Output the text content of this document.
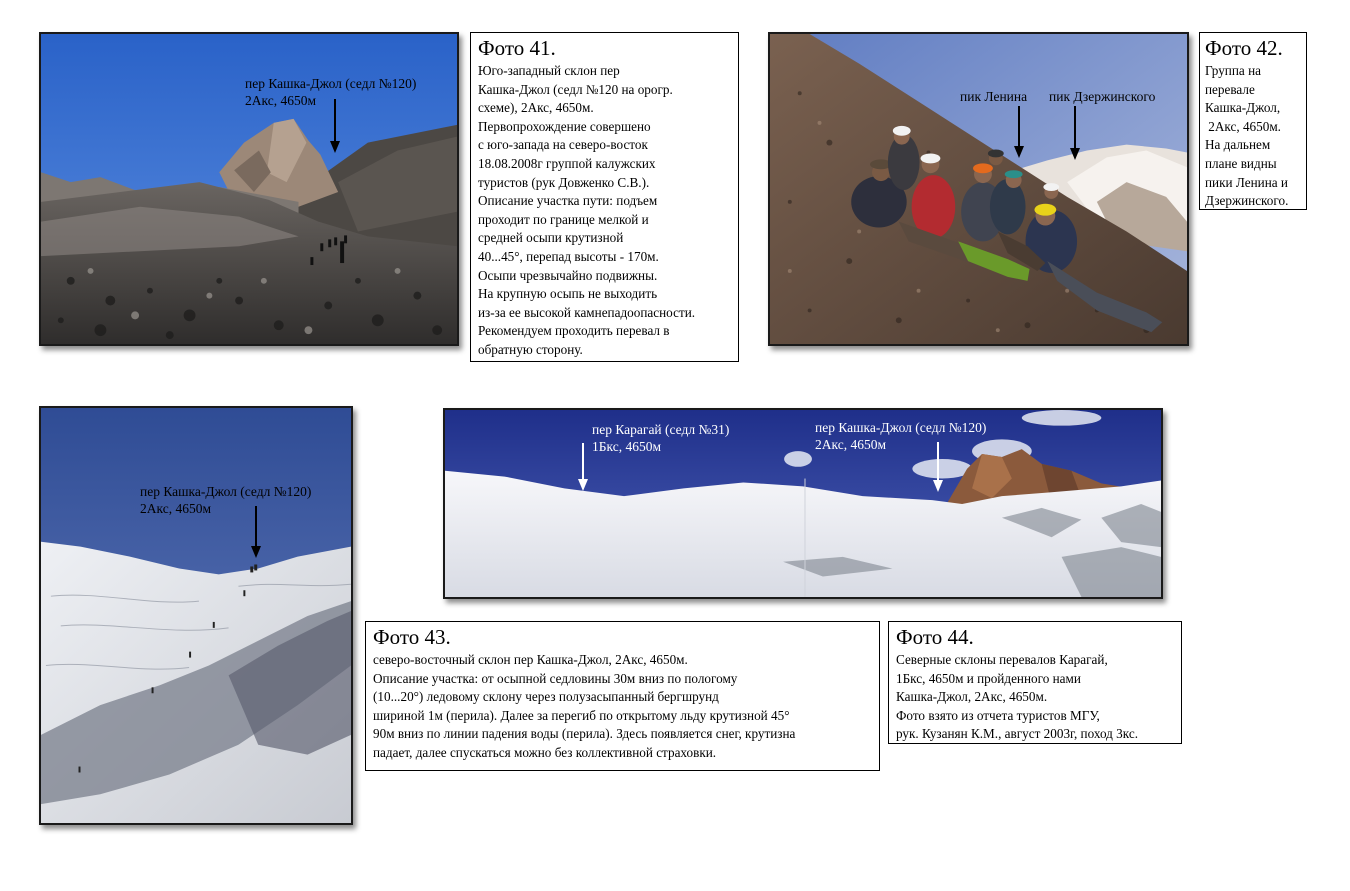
пер Кашка-Джол (седл №120)
2Акс, 4650м
Фото 41.
Юго-западный склон пер
Кашка-Джол (седл №120 на орогр.
схеме), 2Акс, 4650м.
Первопрохождение совершено
с юго-запада на северо-восток
18.08.2008г группой калужских
туристов (рук Довженко С.В.).
Описание участка пути: подъем
проходит по границе мелкой и
средней осыпи крутизной
40...45°, перепад высоты - 170м.
Осыпи чрезвычайно подвижны.
На крупную осыпь не выходить
из-за ее высокой камнепадоопасности.
Рекомендуем проходить перевал в
обратную сторону.
пик Ленина пик Дзержинского
Фото 42.
Группа на
перевале
Кашка-Джол,
2Акс, 4650м.
На дальнем
плане видны
пики Ленина и
Дзержинского.
пер Кашка-Джол (седл №120)
2Акс, 4650м
Фото 43.
северо-восточный склон пер Кашка-Джол, 2Акс, 4650м.
Описание участка: от осыпной седловины 30м вниз по пологому
(10...20°) ледовому склону через полузасыпанный бергшрунд
шириной 1м (перила). Далее за перегиб по открытому льду крутизной 45°
90м вниз по линии падения воды (перила). Здесь появляется снег, крутизна
падает, далее спускаться можно без коллективной страховки.
пер Карагай (седл №31)
1Бкс, 4650м
пер Кашка-Джол (седл №120)
2Акс, 4650м
Фото 44.
Северные склоны перевалов Карагай,
1Бкс, 4650м и пройденного нами
Кашка-Джол, 2Акс, 4650м.
Фото взято из отчета туристов МГУ,
рук. Кузанян К.М., август 2003г, поход 3кс.
